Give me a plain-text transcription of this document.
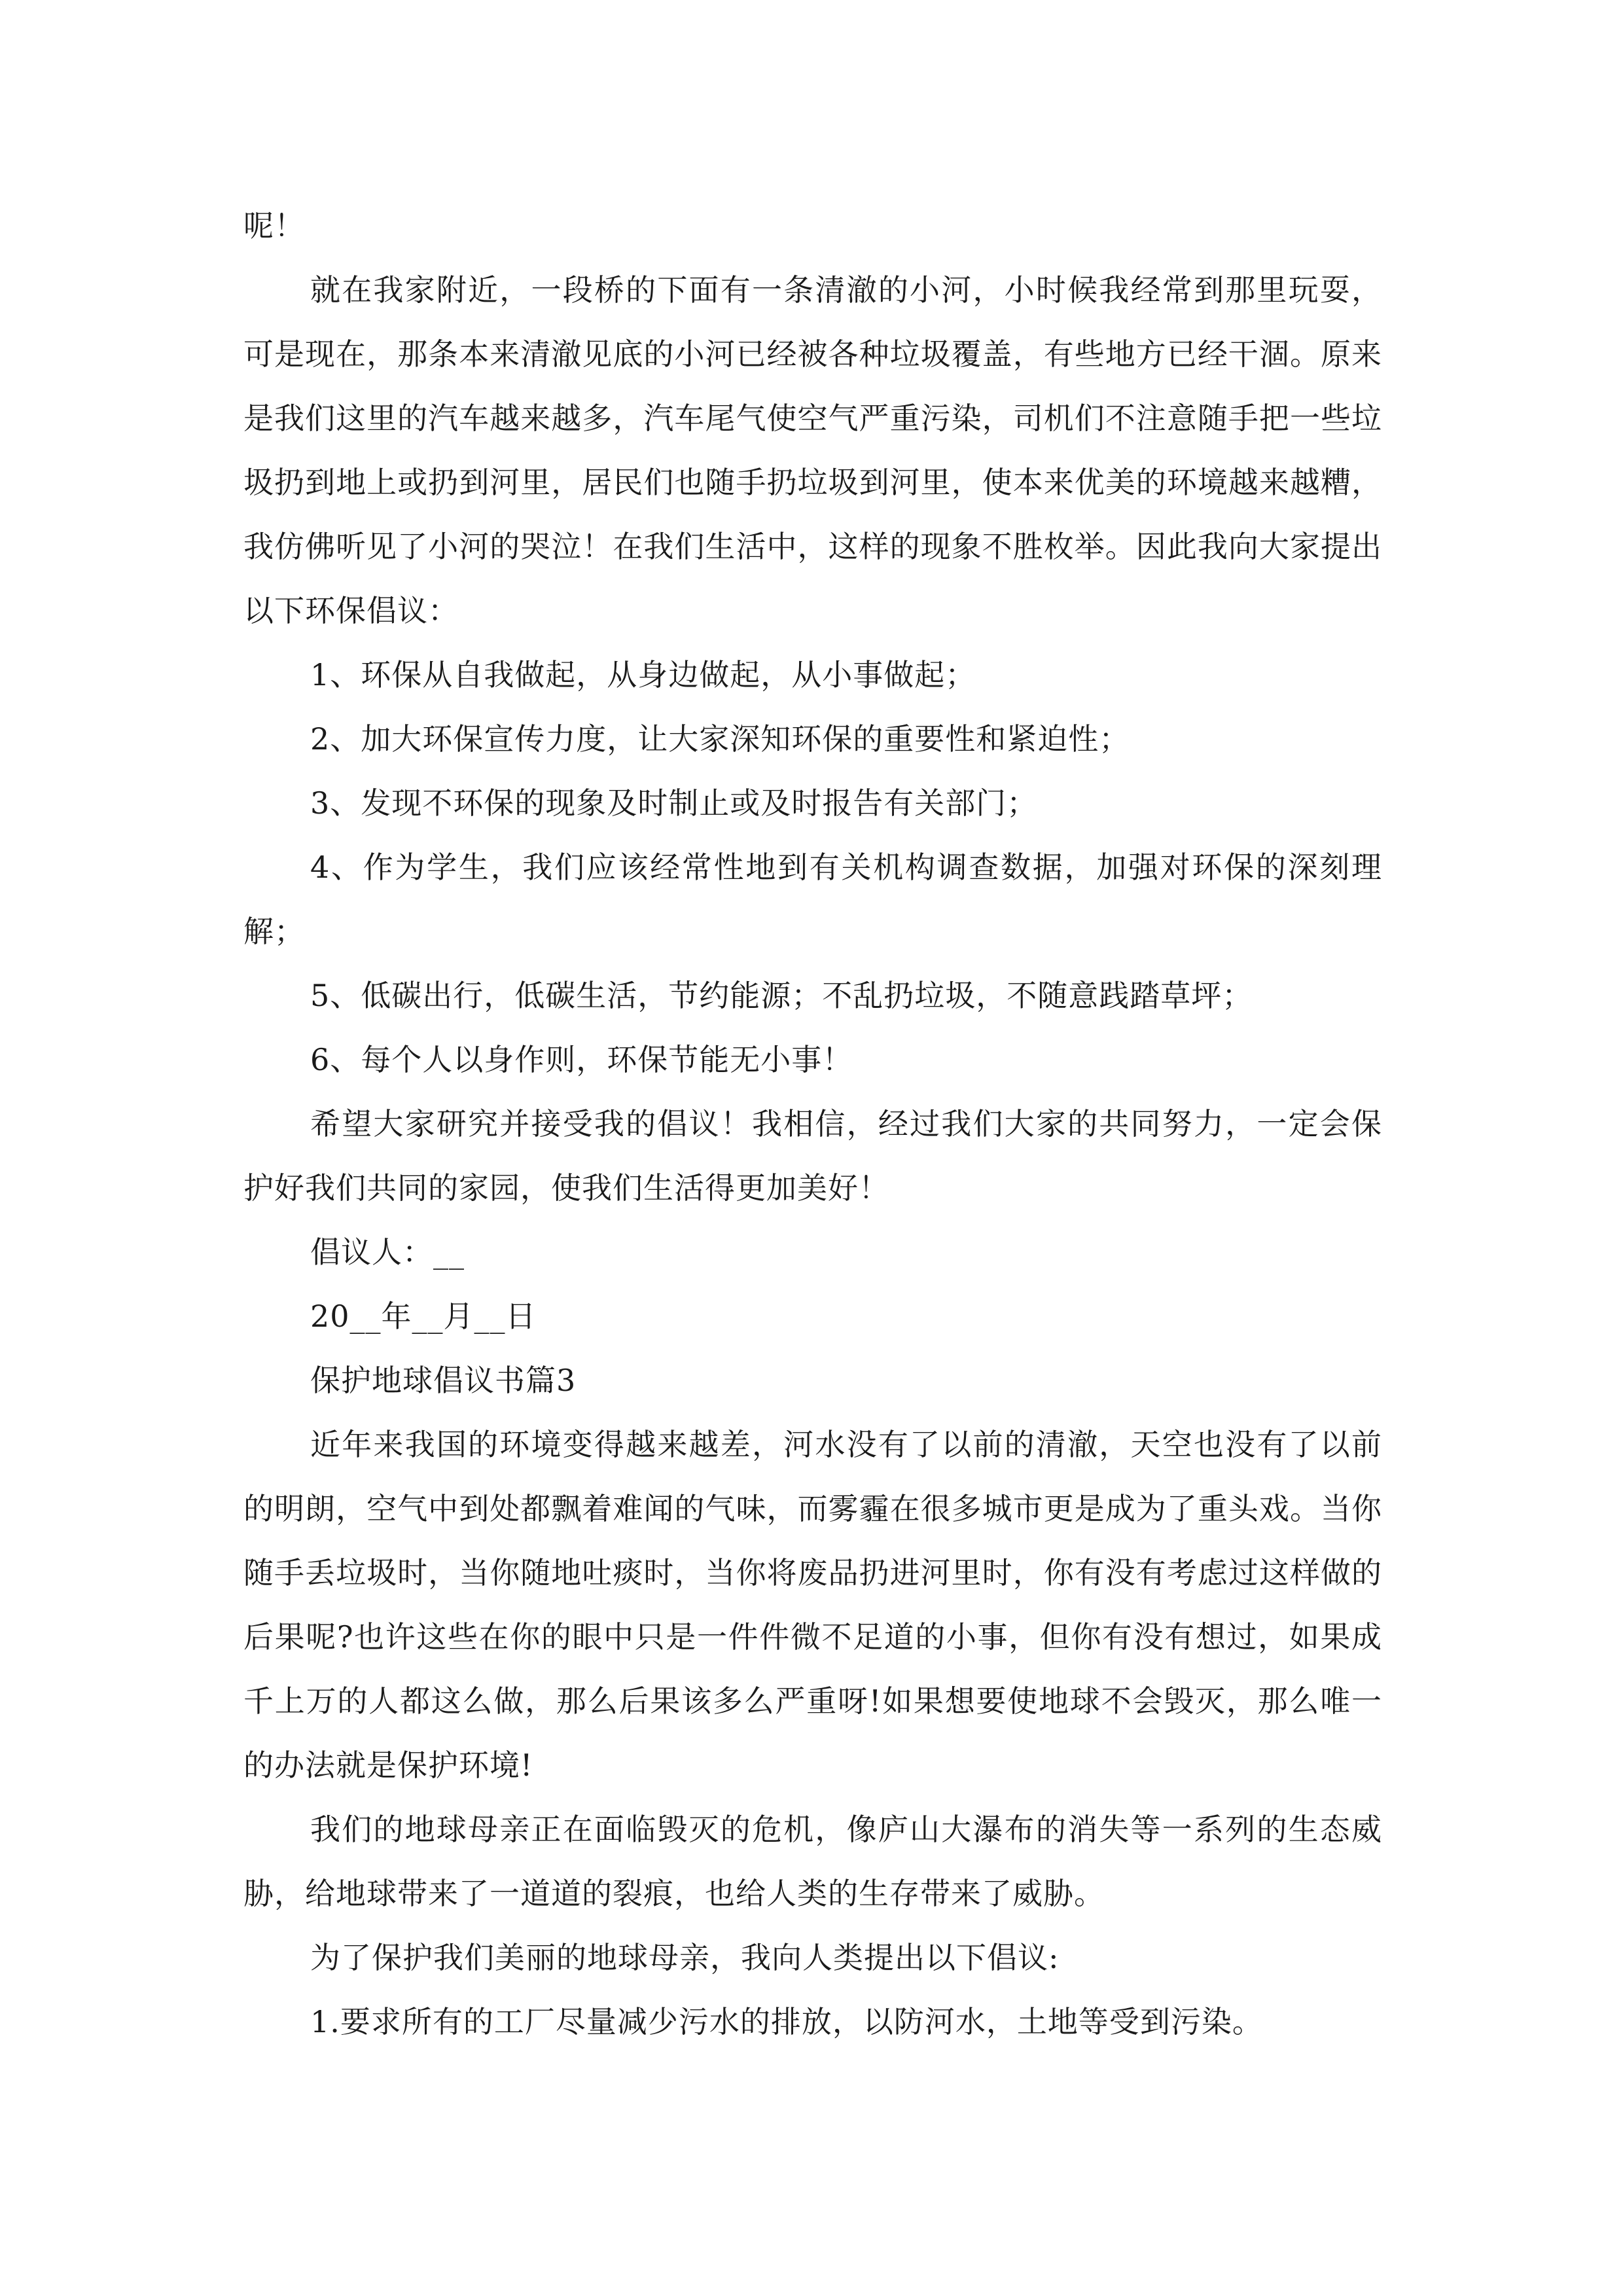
呢！

就在我家附近，一段桥的下面有一条清澈的小河，小时候我经常到那里玩耍，可是现在，那条本来清澈见底的小河已经被各种垃圾覆盖，有些地方已经干涸。原来是我们这里的汽车越来越多，汽车尾气使空气严重污染，司机们不注意随手把一些垃圾扔到地上或扔到河里，居民们也随手扔垃圾到河里，使本来优美的环境越来越糟，我仿佛听见了小河的哭泣！在我们生活中，这样的现象不胜枚举。因此我向大家提出以下环保倡议：

1、环保从自我做起，从身边做起，从小事做起；

2、加大环保宣传力度，让大家深知环保的重要性和紧迫性；

3、发现不环保的现象及时制止或及时报告有关部门；

4、作为学生，我们应该经常性地到有关机构调查数据，加强对环保的深刻理解；

5、低碳出行，低碳生活，节约能源；不乱扔垃圾，不随意践踏草坪；

6、每个人以身作则，环保节能无小事！

希望大家研究并接受我的倡议！我相信，经过我们大家的共同努力，一定会保护好我们共同的家园，使我们生活得更加美好！

倡议人：__

20__年__月__日

保护地球倡议书篇3

近年来我国的环境变得越来越差，河水没有了以前的清澈，天空也没有了以前的明朗，空气中到处都飘着难闻的气味，而雾霾在很多城市更是成为了重头戏。当你随手丢垃圾时，当你随地吐痰时，当你将废品扔进河里时，你有没有考虑过这样做的后果呢?也许这些在你的眼中只是一件件微不足道的小事，但你有没有想过，如果成千上万的人都这么做，那么后果该多么严重呀!如果想要使地球不会毁灭，那么唯一的办法就是保护环境!

我们的地球母亲正在面临毁灭的危机，像庐山大瀑布的消失等一系列的生态威胁，给地球带来了一道道的裂痕，也给人类的生存带来了威胁。

为了保护我们美丽的地球母亲，我向人类提出以下倡议:

1.要求所有的工厂尽量减少污水的排放，以防河水，土地等受到污染。
